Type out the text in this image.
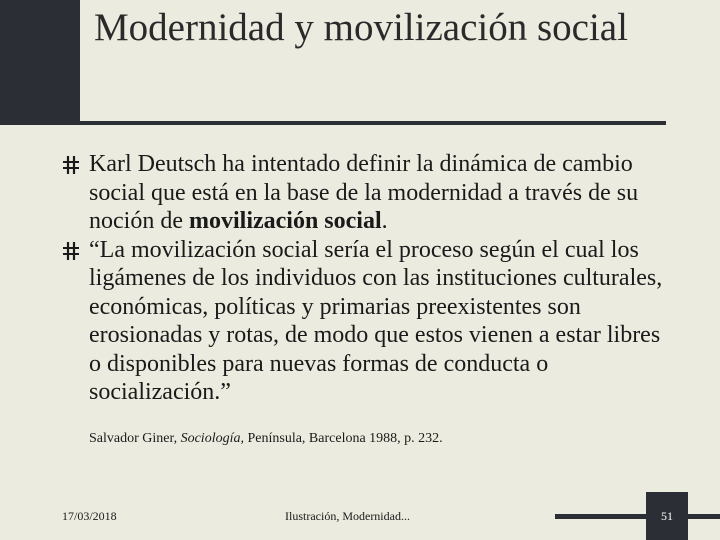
Modernidad y movilización social
Karl Deutsch ha intentado definir la dinámica de cambio social que está en la base de la modernidad a través de su noción de movilización social.
“La movilización social sería el proceso según el cual los ligámenes de los individuos con las instituciones culturales, económicas, políticas y primarias preexistentes son erosionadas y rotas, de modo que estos vienen a estar libres o disponibles para nuevas formas de conducta o socialización.”
Salvador Giner, Sociología, Península, Barcelona 1988, p. 232.
17/03/2018	Ilustración, Modernidad...	51
